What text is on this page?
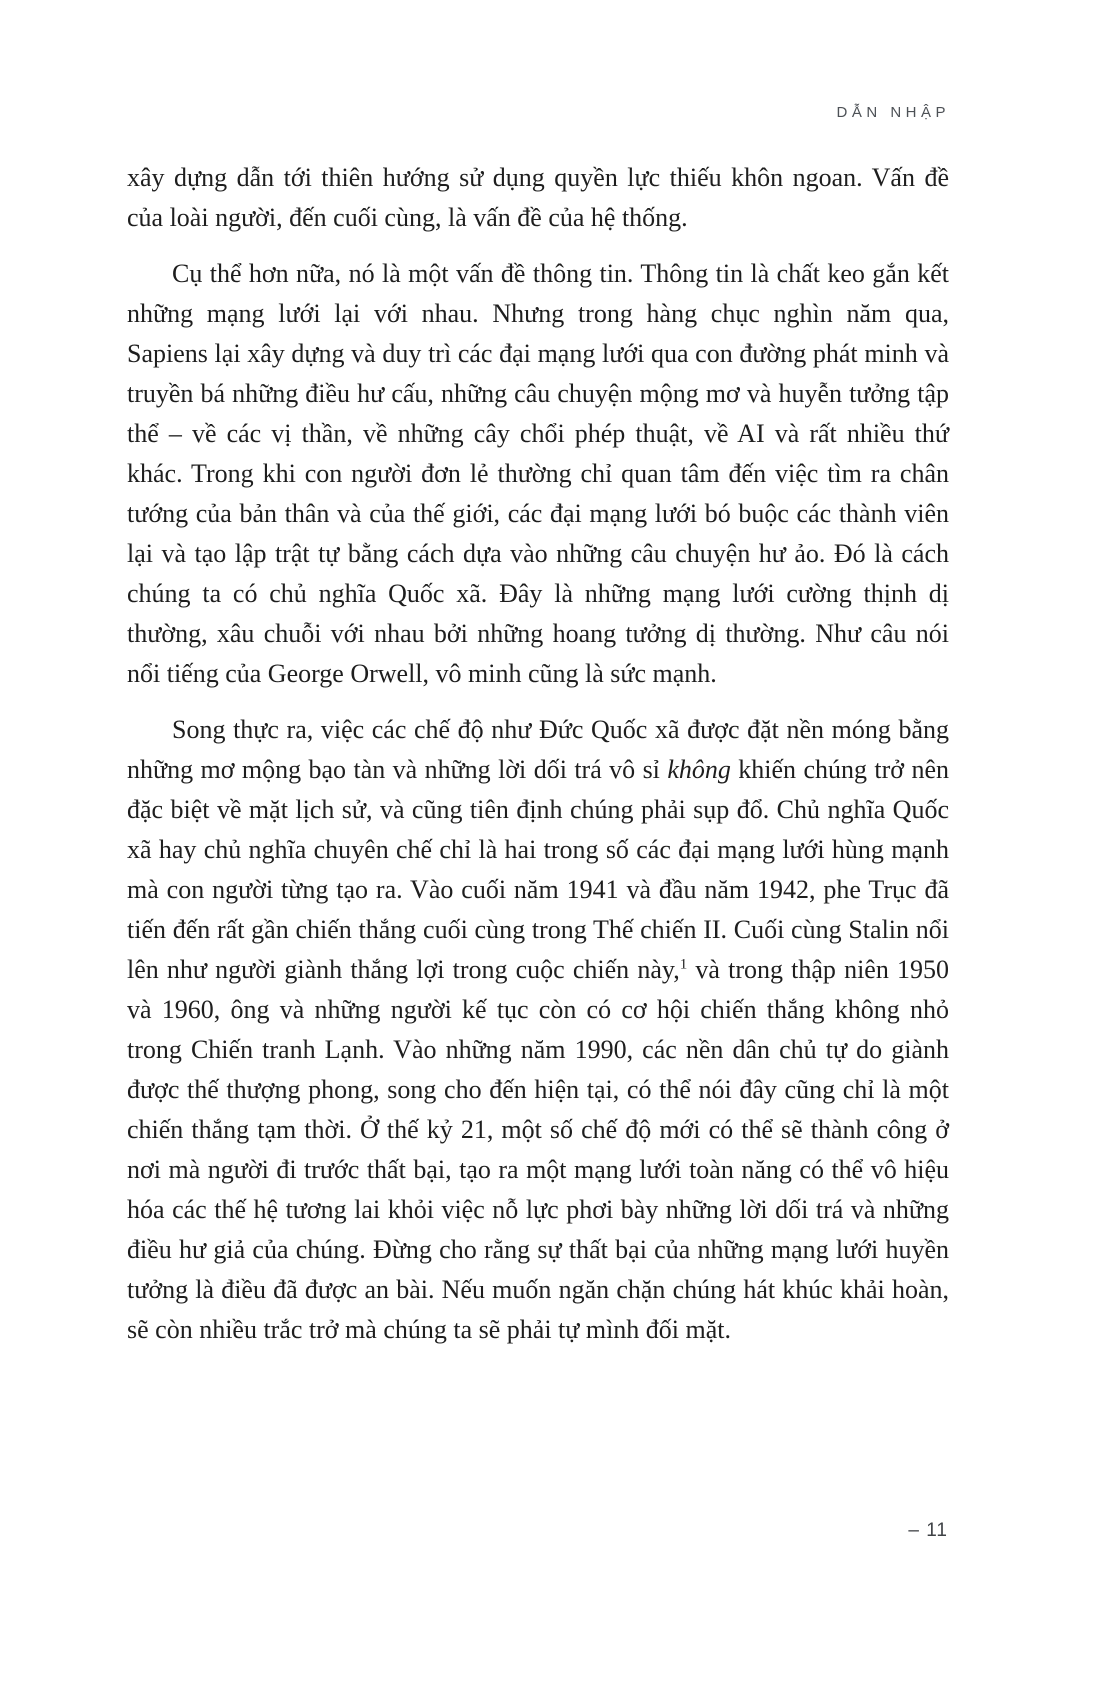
DẪN NHẬP

xây dựng dẫn tới thiên hướng sử dụng quyền lực thiếu khôn ngoan. Vấn đề của loài người, đến cuối cùng, là vấn đề của hệ thống.

Cụ thể hơn nữa, nó là một vấn đề thông tin. Thông tin là chất keo gắn kết những mạng lưới lại với nhau. Nhưng trong hàng chục nghìn năm qua, Sapiens lại xây dựng và duy trì các đại mạng lưới qua con đường phát minh và truyền bá những điều hư cấu, những câu chuyện mộng mơ và huyễn tưởng tập thể – về các vị thần, về những cây chổi phép thuật, về AI và rất nhiều thứ khác. Trong khi con người đơn lẻ thường chỉ quan tâm đến việc tìm ra chân tướng của bản thân và của thế giới, các đại mạng lưới bó buộc các thành viên lại và tạo lập trật tự bằng cách dựa vào những câu chuyện hư ảo. Đó là cách chúng ta có chủ nghĩa Quốc xã. Đây là những mạng lưới cường thịnh dị thường, xâu chuỗi với nhau bởi những hoang tưởng dị thường. Như câu nói nổi tiếng của George Orwell, vô minh cũng là sức mạnh.

Song thực ra, việc các chế độ như Đức Quốc xã được đặt nền móng bằng những mơ mộng bạo tàn và những lời dối trá vô sỉ không khiến chúng trở nên đặc biệt về mặt lịch sử, và cũng tiên định chúng phải sụp đổ. Chủ nghĩa Quốc xã hay chủ nghĩa chuyên chế chỉ là hai trong số các đại mạng lưới hùng mạnh mà con người từng tạo ra. Vào cuối năm 1941 và đầu năm 1942, phe Trục đã tiến đến rất gần chiến thắng cuối cùng trong Thế chiến II. Cuối cùng Stalin nổi lên như người giành thắng lợi trong cuộc chiến này,$^1$ và trong thập niên 1950 và 1960, ông và những người kế tục còn có cơ hội chiến thắng không nhỏ trong Chiến tranh Lạnh. Vào những năm 1990, các nền dân chủ tự do giành được thế thượng phong, song cho đến hiện tại, có thể nói đây cũng chỉ là một chiến thắng tạm thời. Ở thế kỷ 21, một số chế độ mới có thể sẽ thành công ở nơi mà người đi trước thất bại, tạo ra một mạng lưới toàn năng có thể vô hiệu hóa các thế hệ tương lai khỏi việc nỗ lực phơi bày những lời dối trá và những điều hư giả của chúng. Đừng cho rằng sự thất bại của những mạng lưới huyền tưởng là điều đã được an bài. Nếu muốn ngăn chặn chúng hát khúc khải hoàn, sẽ còn nhiều trắc trở mà chúng ta sẽ phải tự mình đối mặt.

– 11
